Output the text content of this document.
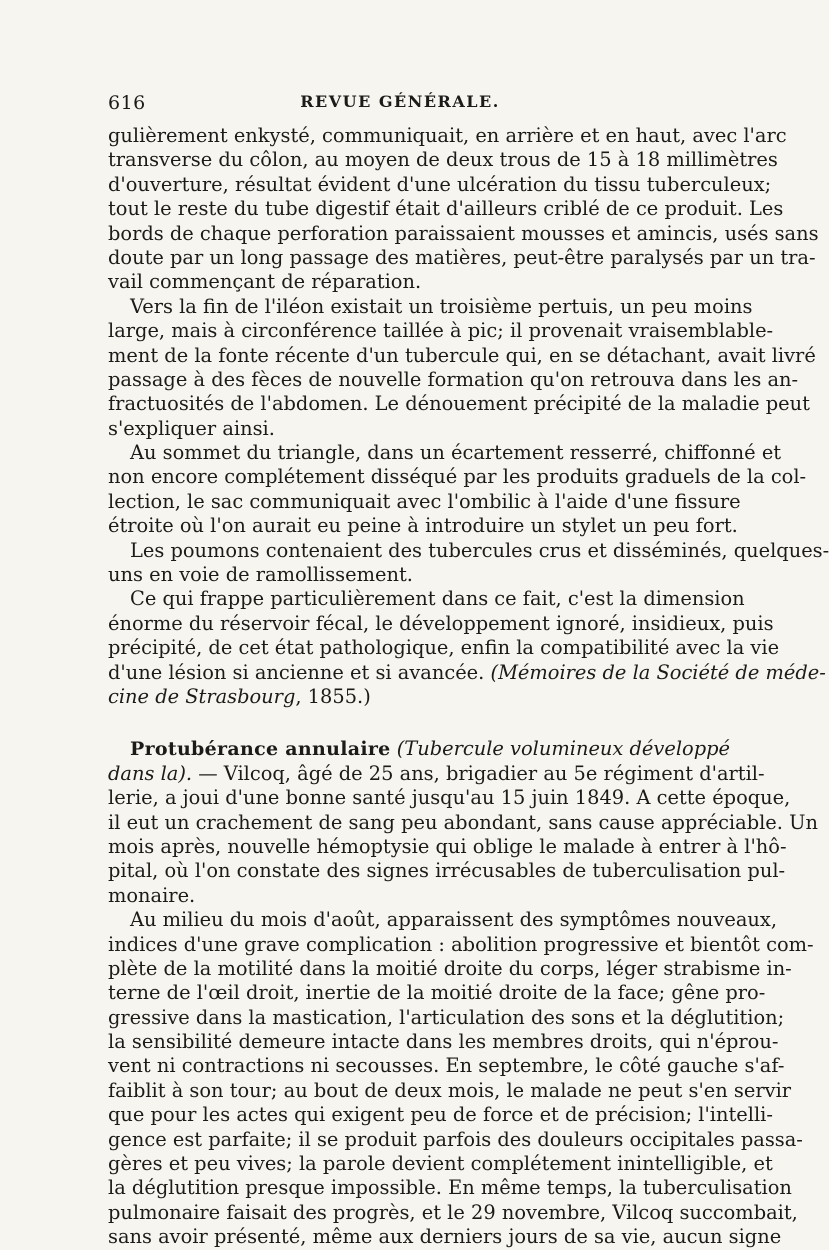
616	REVUE GÉNÉRALE.
gulièrement enkysté, communiquait, en arrière et en haut, avec l'arc
transverse du côlon, au moyen de deux trous de 15 à 18 millimètres
d'ouverture, résultat évident d'une ulcération du tissu tuberculeux;
tout le reste du tube digestif était d'ailleurs criblé de ce produit. Les
bords de chaque perforation paraissaient mousses et amincis, usés sans
doute par un long passage des matières, peut-être paralysés par un tra-
vail commençant de réparation.
Vers la fin de l'iléon existait un troisième pertuis, un peu moins
large, mais à circonférence taillée à pic; il provenait vraisemblable-
ment de la fonte récente d'un tubercule qui, en se détachant, avait livré
passage à des fèces de nouvelle formation qu'on retrouva dans les an-
fractuosités de l'abdomen. Le dénouement précipité de la maladie peut
s'expliquer ainsi.
Au sommet du triangle, dans un écartement resserré, chiffonné et
non encore complétement disséqué par les produits graduels de la col-
lection, le sac communiquait avec l'ombilic à l'aide d'une fissure
étroite où l'on aurait eu peine à introduire un stylet un peu fort.
Les poumons contenaient des tubercules crus et disséminés, quelques-
uns en voie de ramollissement.
Ce qui frappe particulièrement dans ce fait, c'est la dimension
énorme du réservoir fécal, le développement ignoré, insidieux, puis
précipité, de cet état pathologique, enfin la compatibilité avec la vie
d'une lésion si ancienne et si avancée. (Mémoires de la Société de méde-
cine de Strasbourg, 1855.)
Protubérance annulaire (Tubercule volumineux développé
dans la). — Vilcoq, âgé de 25 ans, brigadier au 5e régiment d'artil-
lerie, a joui d'une bonne santé jusqu'au 15 juin 1849. A cette époque,
il eut un crachement de sang peu abondant, sans cause appréciable. Un
mois après, nouvelle hémoptysie qui oblige le malade à entrer à l'hô-
pital, où l'on constate des signes irrécusables de tuberculisation pul-
monaire.
Au milieu du mois d'août, apparaissent des symptômes nouveaux,
indices d'une grave complication : abolition progressive et bientôt com-
plète de la motilité dans la moitié droite du corps, léger strabisme in-
terne de l'œil droit, inertie de la moitié droite de la face; gêne pro-
gressive dans la mastication, l'articulation des sons et la déglutition;
la sensibilité demeure intacte dans les membres droits, qui n'éprou-
vent ni contractions ni secousses. En septembre, le côté gauche s'af-
faiblit à son tour; au bout de deux mois, le malade ne peut s'en servir
que pour les actes qui exigent peu de force et de précision; l'intelli-
gence est parfaite; il se produit parfois des douleurs occipitales passa-
gères et peu vives; la parole devient complétement inintelligible, et
la déglutition presque impossible. En même temps, la tuberculisation
pulmonaire faisait des progrès, et le 29 novembre, Vilcoq succombait,
sans avoir présenté, même aux derniers jours de sa vie, aucun signe
